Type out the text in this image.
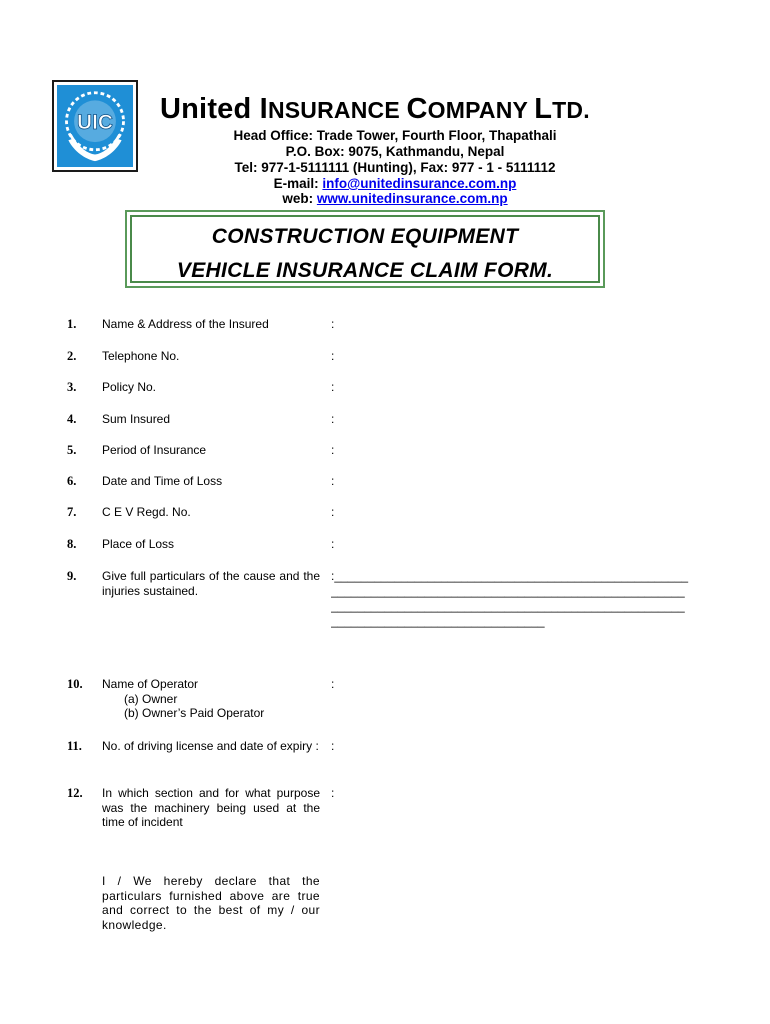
UIC United INSURANCE COMPANY LTD.
Head Office: Trade Tower, Fourth Floor, Thapathali
P.O. Box: 9075, Kathmandu, Nepal
Tel: 977-1-5111111 (Hunting), Fax: 977 - 1 - 5111112
E-mail: info@unitedinsurance.com.np
web: www.unitedinsurance.com.np
CONSTRUCTION EQUIPMENT
VEHICLE INSURANCE CLAIM FORM.
1. Name & Address of the Insured	:
2. Telephone No.	:
3. Policy No.	:
4. Sum Insured	:
5. Period of Insurance	:
6. Date and Time of Loss	:
7. C E V Regd. No.	:
8. Place of Loss	:
9. Give full particulars of the cause and the injuries sustained.
:_____________________________________________________
_____________________________________________________
_____________________________________________________
________________________________
10. Name of Operator
(a) Owner
(b) Owner’s Paid Operator
:
11. No. of driving license and date of expiry : :
12. In which section and for what purpose was the machinery being used at the time of incident
:
I / We hereby declare that the particulars furnished above are true and correct to the best of my / our knowledge.
